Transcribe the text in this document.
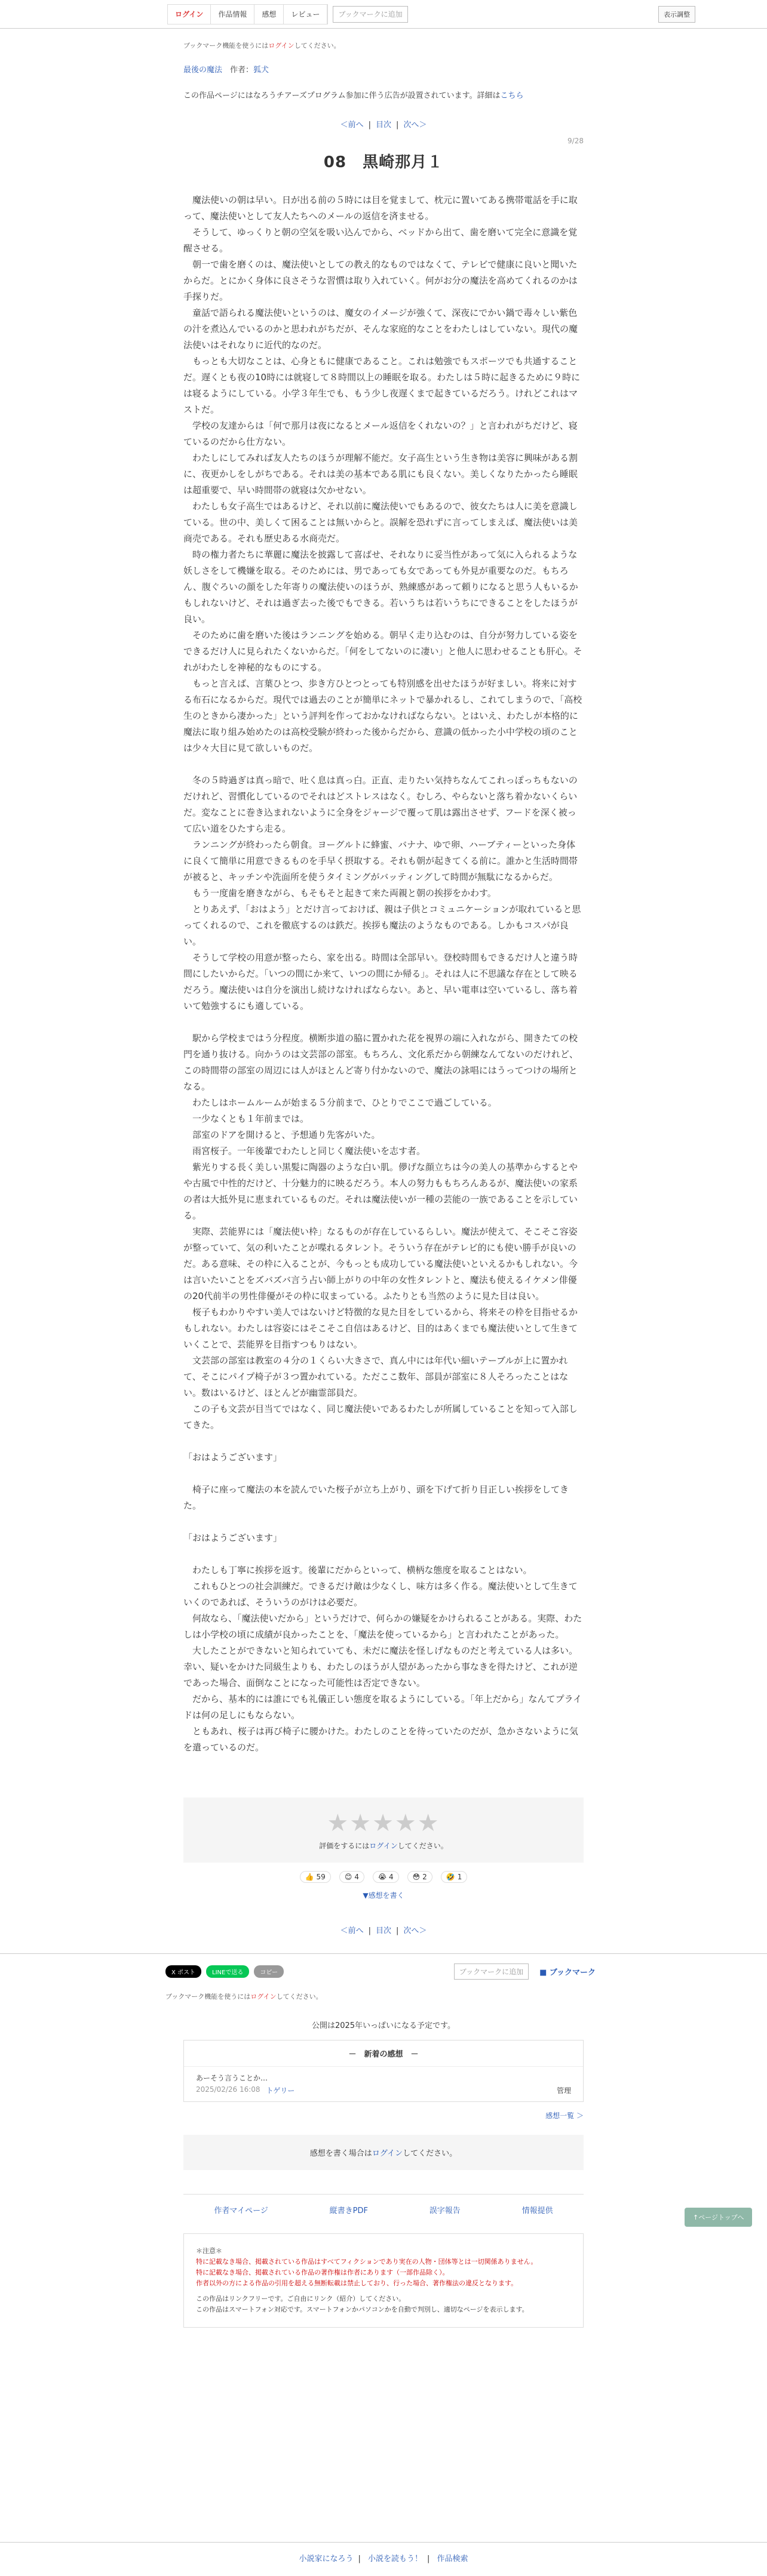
ログイン	作品情報	感想	レビュー	ブックマークに追加	表示調整
ブックマーク機能を使うにはログインしてください。
最後の魔法　 作者：狐犬
この作品ページにはなろうチアーズプログラム参加に伴う広告が設置されています。詳細はこちら
＜前へ | 目次 | 次へ＞
9/28
08　黒崎那月１

　魔法使いの朝は早い。日が出る前の５時には目を覚まして、枕元に置いてある携帯電話を手に取って、魔法使いとして友人たちへのメールの返信を済ませる。

　そうして、ゆっくりと朝の空気を吸い込んでから、ベッドから出て、歯を磨いて完全に意識を覚醒させる。

　朝一で歯を磨くのは、魔法使いとしての教え的なものではなくて、テレビで健康に良いと聞いたからだ。とにかく身体に良さそうな習慣は取り入れていく。何がお分の魔法を高めてくれるのかは手探りだ。

　童話で語られる魔法使いというのは、魔女のイメージが強くて、深夜にでかい鍋で毒々しい紫色の汁を煮込んでいるのかと思われがちだが、そんな家庭的なことをわたしはしていない。現代の魔法使いはそれなりに近代的なのだ。

　もっとも大切なことは、心身ともに健康であること。これは勉強でもスポーツでも共通することだ。遅くとも夜の10時には就寝して８時間以上の睡眠を取る。わたしは５時に起きるために９時には寝るようにしている。小学３年生でも、もう少し夜遅くまで起きているだろう。けれどこれはマストだ。

　学校の友達からは「何で那月は夜になるとメール返信をくれないの？」と言われがちだけど、寝ているのだから仕方ない。

　わたしにしてみれば友人たちのほうが理解不能だ。女子高生という生き物は美容に興味がある割に、夜更かしをしがちである。それは美の基本である肌にも良くない。美しくなりたかったら睡眠は超重要で、早い時間帯の就寝は欠かせない。

　わたしも女子高生ではあるけど、それ以前に魔法使いでもあるので、彼女たちは人に美を意識している。世の中、美しくて困ることは無いからと。誤解を恐れずに言ってしまえば、魔法使いは美商売である。それも歴史ある水商売だ。

　時の権力者たちに華麗に魔法を披露して喜ばせ、それなりに妥当性があって気に入られるような妖しさをして機嫌を取る。そのためには、男であっても女であっても外見が重要なのだ。もちろん、腹ぐろいの顔をした年寄りの魔法使いのほうが、熟練感があって頼りになると思う人もいるかもしれないけど、それは過ぎ去った後でもできる。若いうちは若いうちにできることをしたほうが良い。

　そのために歯を磨いた後はランニングを始める。朝早く走り込むのは、自分が努力している姿をできるだけ人に見られたくないからだ。「何をしてないのに凄い」と他人に思わせることも肝心。それがわたしを神秘的なものにする。

　もっと言えば、言葉ひとつ、歩き方ひとつとっても特別感を出せたほうが好ましい。将来に対する布石になるからだ。現代では過去のことが簡単にネットで暴かれるし、これてしまうので、「高校生のときから凄かった」という評判を作っておかなければならない。とはいえ、わたしが本格的に魔法に取り組み始めたのは高校受験が終わった後からだから、意識の低かった小中学校の頃のことは少々大目に見て欲しいものだ。

　冬の５時過ぎは真っ暗で、吐く息は真っ白。正直、走りたい気持ちなんてこれっぽっちもないのだけれど、習慣化しているのでそれはどストレスはなく。むしろ、やらないと落ち着かないくらいだ。変なことに巻き込まれないように全身をジャージで覆って肌は露出させず、フードを深く被って広い道をひたすら走る。

　ランニングが終わったら朝食。ヨーグルトに蜂蜜、バナナ、ゆで卵、ハーブティーといった身体に良くて簡単に用意できるものを手早く摂取する。それも朝が起きてくる前に。誰かと生活時間帯が被ると、キッチンや洗面所を使うタイミングがバッティングして時間が無駄になるからだ。

　もう一度歯を磨きながら、もそもそと起きて来た両親と朝の挨拶をかわす。

　とりあえず、「おはよう」とだけ言っておけば、親は子供とコミュニケーションが取れていると思ってくれるので、これを徹底するのは鉄だ。挨拶も魔法のようなものである。しかもコスパが良い。

　そうして学校の用意が整ったら、家を出る。時間は全部早い。登校時間もできるだけ人と違う時間にしたいからだ。「いつの間にか来て、いつの間にか帰る」。それは人に不思議な存在として映るだろう。魔法使いは自分を演出し続けなければならない。あと、早い電車は空いているし、落ち着いて勉強するにも適している。

　駅から学校まではう分程度。横断歩道の脇に置かれた花を視界の端に入れながら、開きたての校門を通り抜ける。向かうのは文芸部の部室。もちろん、文化系だから朝練なんてないのだけれど、この時間帯の部室の周辺には人がほとんど寄り付かないので、魔法の詠唱にはうってつけの場所となる。

　わたしはホームルームが始まる５分前まで、ひとりでここで過ごしている。

　一少なくとも１年前までは。

　部室のドアを開けると、予想通り先客がいた。

　雨宮桜子。一年後輩でわたしと同じく魔法使いを志す者。

　紫光りする長く美しい黒髪に陶器のような白い肌。儚げな顔立ちは今の美人の基準からするとやや古風で中性的だけど、十分魅力的に映るだろう。本人の努力ももちろんあるが、魔法使いの家系の者は大抵外見に恵まれているものだ。それは魔法使いが一種の芸能の一族であることを示している。

　実際、芸能界には「魔法使い枠」なるものが存在しているらしい。魔法が使えて、そこそこ容姿が整っていて、気の利いたことが喋れるタレント。そういう存在がテレビ的にも使い勝手が良いのだ。ある意味、その枠に入ることが、今もっとも成功している魔法使いといえるかもしれない。今は言いたいことをズバズバ言う占い師上がりの中年の女性タレントと、魔法も使えるイケメン俳優の20代前半の男性俳優がその枠に収まっている。ふたりとも当然のように見た目は良い。

　桜子もわかりやすい美人ではないけど特徴的な見た目をしているから、将来その枠を目指せるかもしれない。わたしは容姿にはそこそこ自信はあるけど、目的はあくまでも魔法使いとして生きていくことで、芸能界を目指すつもりはない。

　文芸部の部室は教室の４分の１くらい大きさで、真ん中には年代い細いテーブルが上に置かれて、そこにパイプ椅子が３つ置かれている。ただここ数年、部員が部室に８人そろったことはない。数はいるけど、ほとんどが幽霊部員だ。

　この子も文芸が目当てではなく、同じ魔法使いであるわたしが所属していることを知って入部してきた。

「おはようございます」

　椅子に座って魔法の本を読んでいた桜子が立ち上がり、頭を下げて折り目正しい挨拶をしてきた。

「おはようございます」

　わたしも丁寧に挨拶を返す。後輩にだからといって、横柄な態度を取ることはない。

　これもひとつの社会訓練だ。できるだけ敵は少なくし、味方は多く作る。魔法使いとして生きていくのであれば、そういうのがけは必要だ。

　何故なら、「魔法使いだから」というだけで、何らかの嫌疑をかけられることがある。実際、わたしは小学校の頃に成績が良かったことを、「魔法を使っているから」と言われたことがあった。

　大したことができないと知られていても、未だに魔法を怪しげなものだと考えている人は多い。幸い、疑いをかけた同級生よりも、わたしのほうが人望があったから事なきを得たけど、これが逆であった場合、面倒なことになった可能性は否定できない。

　だから、基本的には誰にでも礼儀正しい態度を取るようにしている。「年上だから」なんてプライドは何の足しにもならない。

　ともあれ、桜子は再び椅子に腰かけた。わたしのことを待っていたのだが、急かさないように気を遣っているのだ。

★★★★★
評価をするにはログインしてください。
👍 59	😊 4	😭 4	😳 2	🤣 1
▼感想を書く
＜前へ | 目次 | 次へ＞
X ポスト	LINEで送る	コピー	ブックマークに追加	■ ブックマーク
ブックマーク機能を使うにはログインしてください。
公開は2025年いっぱいになる予定です。
－　新着の感想　－
あーそう言うことか…
2025/02/26 16:08 トゲリー	管理
感想一覧 ＞
感想を書く場合はログインしてください。
作者マイページ	縦書きPDF	誤字報告	情報提供
＊注意＊
特に記載なき場合、掲載されている作品はすべてフィクションであり実在の人物・団体等とは一切関係ありません。
特に記載なき場合、掲載されている作品の著作権は作者にあります（一部作品除く）。
作者以外の方による作品の引用を超える無断転載は禁止しており、行った場合、著作権法の違反となります。
この作品はリンクフリーです。ご自由にリンク（紹介）してください。
この作品はスマートフォン対応です。スマートフォンかパソコンかを自動で判別し、適切なページを表示します。
↑ページトップへ
小説家になろう | 小説を読もう！ | 作品検索
